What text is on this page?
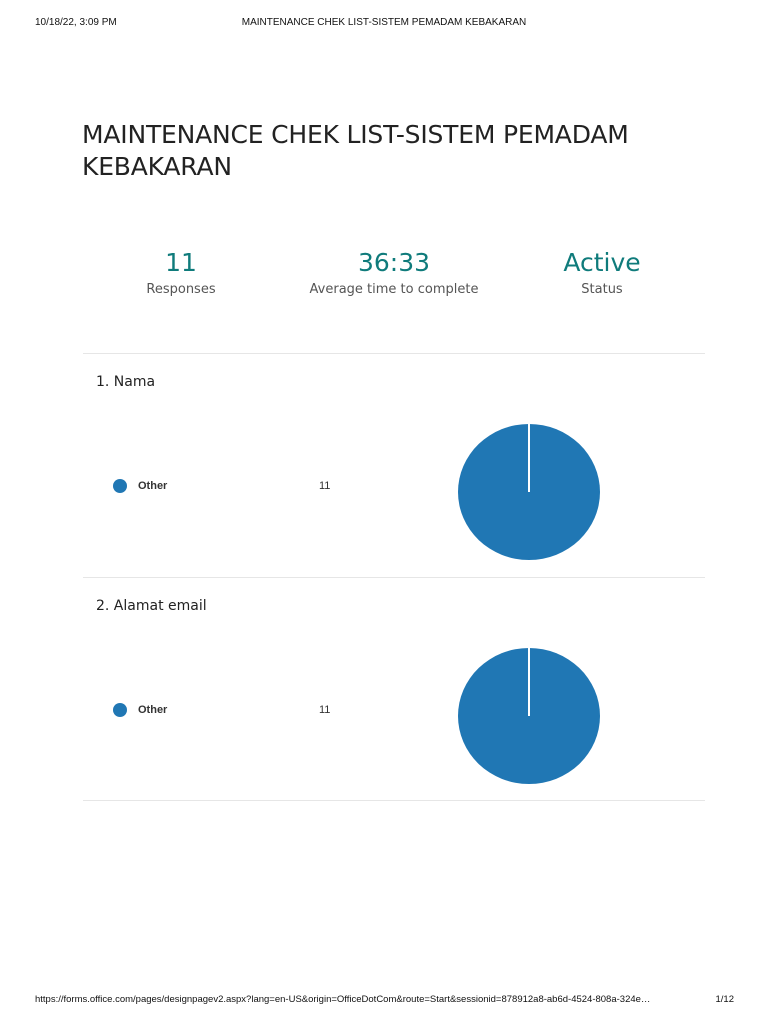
10/18/22, 3:09 PM	MAINTENANCE CHEK LIST-SISTEM PEMADAM KEBAKARAN
MAINTENANCE CHEK LIST-SISTEM PEMADAM KEBAKARAN
11
Responses
36:33
Average time to complete
Active
Status
1. Nama
Other	11
2. Alamat email
Other	11
https://forms.office.com/pages/designpagev2.aspx?lang=en-US&origin=OfficeDotCom&route=Start&sessionid=878912a8-ab6d-4524-808a-324e…	1/12
